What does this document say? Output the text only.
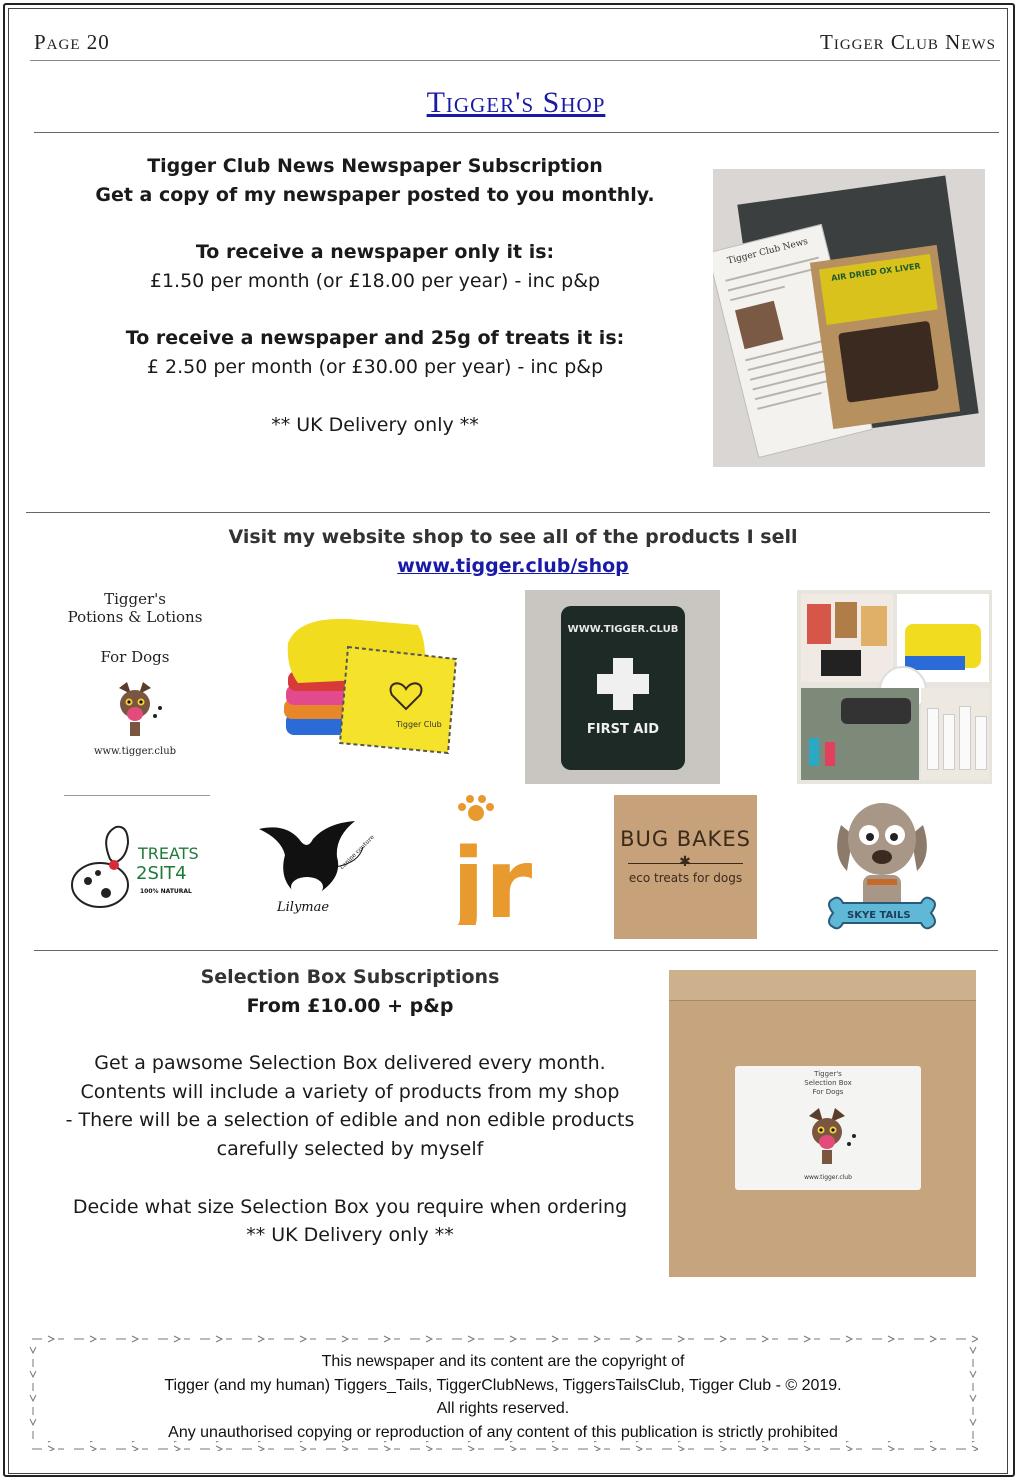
Page 20	Tigger Club News
Tigger's Shop
Tigger Club News Newspaper Subscription
Get a copy of my newspaper posted to you monthly.
To receive a newspaper only it is:
£1.50 per month (or £18.00 per year) - inc p&p
To receive a newspaper and 25g of treats it is:
£ 2.50 per month (or £30.00 per year) - inc p&p
** UK Delivery only **
Tigger Club News
AIR DRIED OX LIVER
Visit my website shop to see all of the products I sell
www.tigger.club/shop
Tigger's
Potions & Lotions
For Dogs
www.tigger.club
Tigger Club
WWW.TIGGER.CLUB
FIRST AID
TREATS
2SIT4
100% NATURAL
canine couture
Lilymae jr	BUG BAKES
✱
eco treats for dogs
SKYE TAILS
Selection Box Subscriptions
From £10.00 + p&p
Get a pawsome Selection Box delivered every month.
Contents will include a variety of products from my shop
- There will be a selection of edible and non edible products
carefully selected by myself
Decide what size Selection Box you require when ordering
** UK Delivery only **
Tigger's
Selection Box
For Dogs
www.tigger.club
This newspaper and its content are the copyright of
Tigger (and my human) Tiggers_Tails, TiggerClubNews, TiggersTailsClub, Tigger Club - © 2019.
All rights reserved.
Any unauthorised copying or reproduction of any content of this publication is strictly prohibited
